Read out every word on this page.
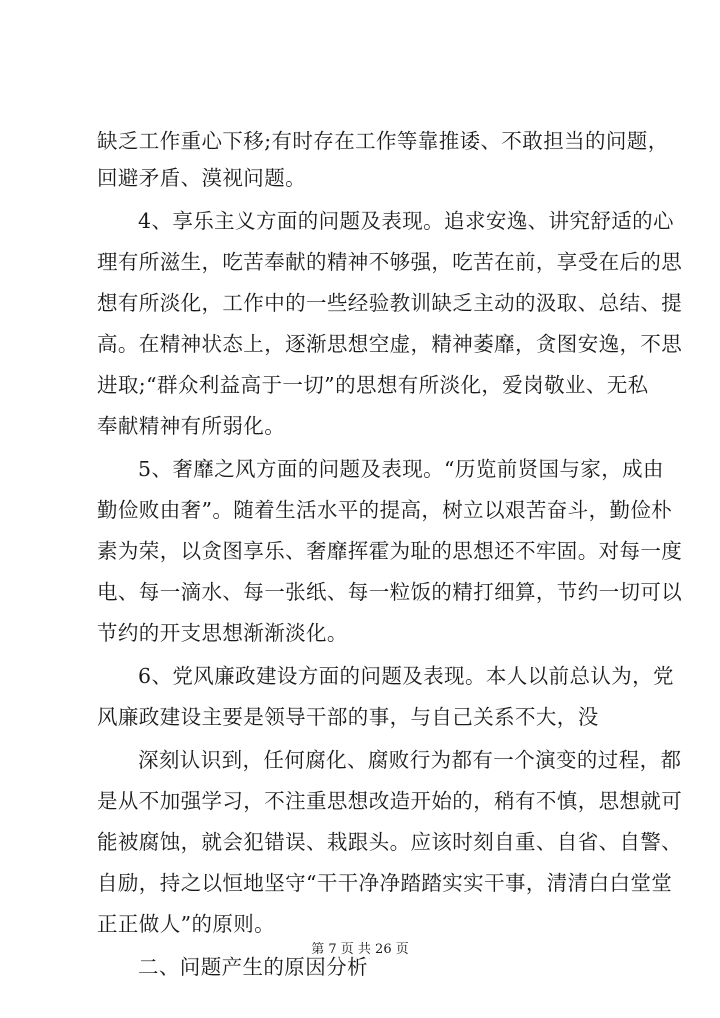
缺乏工作重心下移;有时存在工作等靠推诿、不敢担当的问题，
回避矛盾、漠视问题。
4、享乐主义方面的问题及表现。追求安逸、讲究舒适的心
理有所滋生，吃苦奉献的精神不够强，吃苦在前，享受在后的思
想有所淡化，工作中的一些经验教训缺乏主动的汲取、总结、提
高。在精神状态上，逐渐思想空虚，精神萎靡，贪图安逸，不思
进取;“群众利益高于一切”的思想有所淡化，爱岗敬业、无私
奉献精神有所弱化。
5、奢靡之风方面的问题及表现。“历览前贤国与家，成由
勤俭败由奢”。随着生活水平的提高，树立以艰苦奋斗，勤俭朴
素为荣，以贪图享乐、奢靡挥霍为耻的思想还不牢固。对每一度
电、每一滴水、每一张纸、每一粒饭的精打细算，节约一切可以
节约的开支思想渐渐淡化。
6、党风廉政建设方面的问题及表现。本人以前总认为，党
风廉政建设主要是领导干部的事，与自己关系不大，没
深刻认识到，任何腐化、腐败行为都有一个演变的过程，都
是从不加强学习，不注重思想改造开始的，稍有不慎，思想就可
能被腐蚀，就会犯错误、栽跟头。应该时刻自重、自省、自警、
自励，持之以恒地坚守“干干净净踏踏实实干事，清清白白堂堂
正正做人”的原则。
二、问题产生的原因分析
第 7 页 共 26 页
